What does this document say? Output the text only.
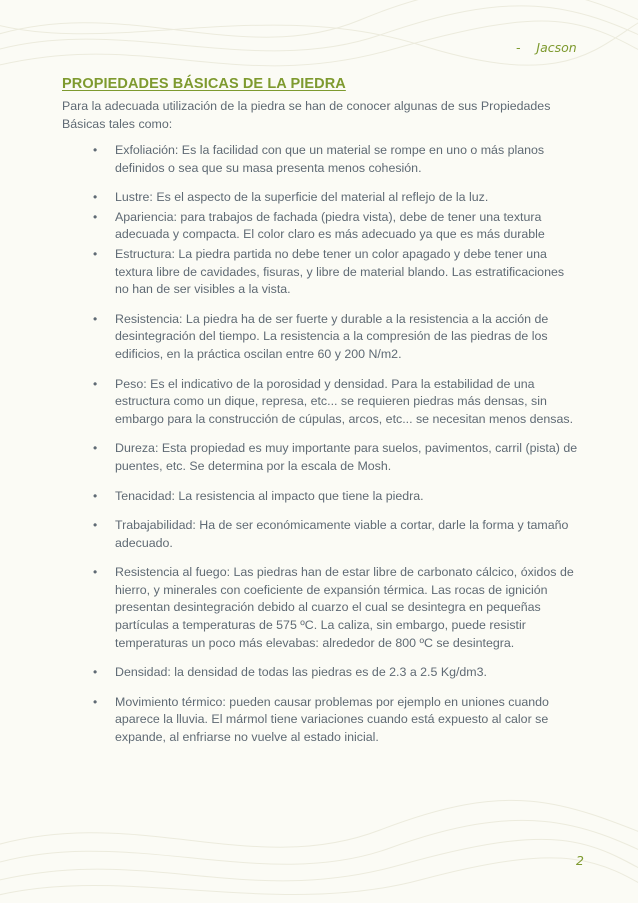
-    Jacson
PROPIEDADES BÁSICAS DE LA PIEDRA

Para la adecuada utilización de la piedra se han de conocer algunas de sus Propiedades Básicas tales como:

• Exfoliación: Es la facilidad con que un material se rompe en uno o más planos definidos o sea que su masa presenta menos cohesión.
• Lustre: Es el aspecto de la superficie del material al reflejo de la luz.
• Apariencia: para trabajos de fachada (piedra vista), debe de tener una textura adecuada y compacta. El color claro es más adecuado ya que es más durable
• Estructura: La piedra partida no debe tener un color apagado y debe tener una textura libre de cavidades, fisuras, y libre de material blando. Las estratificaciones no han de ser visibles a la vista.
• Resistencia: La piedra ha de ser fuerte y durable a la resistencia a la acción de desintegración del tiempo. La resistencia a la compresión de las piedras de los edificios, en la práctica oscilan entre 60 y 200 N/m2.
• Peso: Es el indicativo de la porosidad y densidad. Para la estabilidad de una estructura como un dique, represa, etc... se requieren piedras más densas, sin embargo para la construcción de cúpulas, arcos, etc... se necesitan menos densas.
• Dureza: Esta propiedad es muy importante para suelos, pavimentos, carril (pista) de puentes, etc. Se determina por la escala de Mosh.
• Tenacidad: La resistencia al impacto que tiene la piedra.
• Trabajabilidad: Ha de ser económicamente viable a cortar, darle la forma y tamaño adecuado.
• Resistencia al fuego: Las piedras han de estar libre de carbonato cálcico, óxidos de hierro, y minerales con coeficiente de expansión térmica. Las rocas de ignición presentan desintegración debido al cuarzo el cual se desintegra en pequeñas partículas a temperaturas de 575 ºC. La caliza, sin embargo, puede resistir temperaturas un poco más elevabas: alrededor de 800 ºC se desintegra.
• Densidad: la densidad de todas las piedras es de 2.3 a 2.5 Kg/dm3.
• Movimiento térmico: pueden causar problemas por ejemplo en uniones cuando aparece la lluvia. El mármol tiene variaciones cuando está expuesto al calor se expande, al enfriarse no vuelve al estado inicial.
2
